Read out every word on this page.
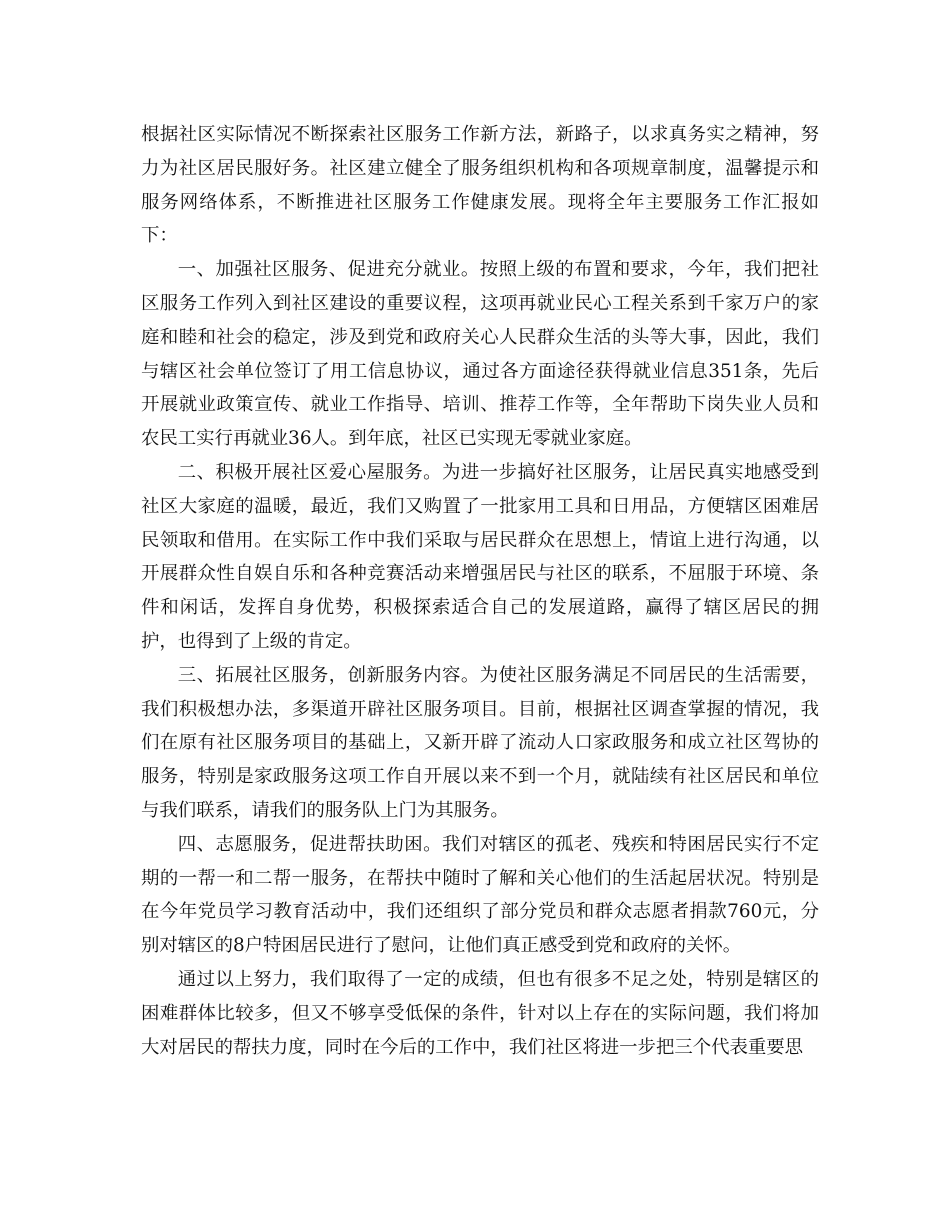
根据社区实际情况不断探索社区服务工作新方法，新路子，以求真务实之精神，努力为社区居民服好务。社区建立健全了服务组织机构和各项规章制度，温馨提示和服务网络体系，不断推进社区服务工作健康发展。现将全年主要服务工作汇报如下：

一、加强社区服务、促进充分就业。按照上级的布置和要求，今年，我们把社区服务工作列入到社区建设的重要议程，这项再就业民心工程关系到千家万户的家庭和睦和社会的稳定，涉及到党和政府关心人民群众生活的头等大事，因此，我们与辖区社会单位签订了用工信息协议，通过各方面途径获得就业信息351条，先后开展就业政策宣传、就业工作指导、培训、推荐工作等，全年帮助下岗失业人员和农民工实行再就业36人。到年底，社区已实现无零就业家庭。

二、积极开展社区爱心屋服务。为进一步搞好社区服务，让居民真实地感受到社区大家庭的温暖，最近，我们又购置了一批家用工具和日用品，方便辖区困难居民领取和借用。在实际工作中我们采取与居民群众在思想上，情谊上进行沟通，以开展群众性自娱自乐和各种竞赛活动来增强居民与社区的联系，不屈服于环境、条件和闲话，发挥自身优势，积极探索适合自己的发展道路，赢得了辖区居民的拥护，也得到了上级的肯定。

三、拓展社区服务，创新服务内容。为使社区服务满足不同居民的生活需要，我们积极想办法，多渠道开辟社区服务项目。目前，根据社区调查掌握的情况，我们在原有社区服务项目的基础上，又新开辟了流动人口家政服务和成立社区驾协的服务，特别是家政服务这项工作自开展以来不到一个月，就陆续有社区居民和单位与我们联系，请我们的服务队上门为其服务。

四、志愿服务，促进帮扶助困。我们对辖区的孤老、残疾和特困居民实行不定期的一帮一和二帮一服务，在帮扶中随时了解和关心他们的生活起居状况。特别是在今年党员学习教育活动中，我们还组织了部分党员和群众志愿者捐款760元，分别对辖区的8户特困居民进行了慰问，让他们真正感受到党和政府的关怀。

通过以上努力，我们取得了一定的成绩，但也有很多不足之处，特别是辖区的困难群体比较多，但又不够享受低保的条件，针对以上存在的实际问题，我们将加大对居民的帮扶力度，同时在今后的工作中，我们社区将进一步把三个代表重要思
